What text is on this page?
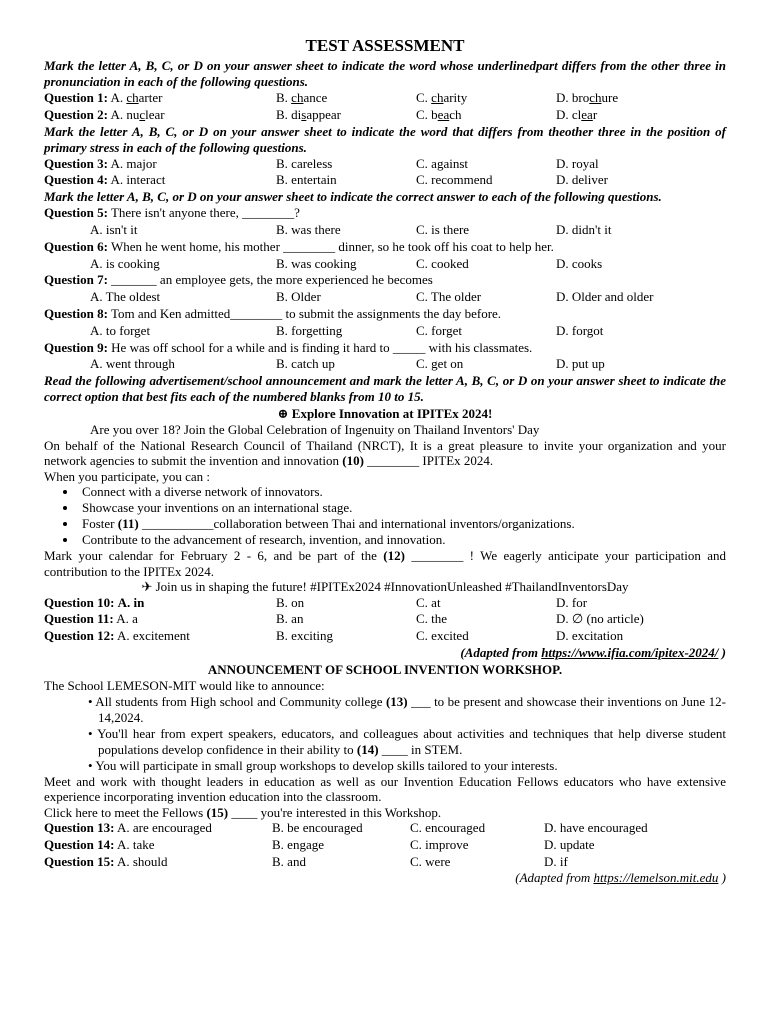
TEST ASSESSMENT
Mark the letter A, B, C, or D on your answer sheet to indicate the word whose underlinedpart differs from the other three in pronunciation in each of the following questions.
Question 1: A. charter	B. chance	C. charity	D. brochure
Question 2: A. nuclear	B. disappear	C. beach	D. clear
Mark the letter A, B, C, or D on your answer sheet to indicate the word that differs from theother three in the position of primary stress in each of the following questions.
Question 3: A. major	B. careless	C. against	D. royal
Question 4: A. interact	B. entertain	C. recommend	D. deliver
Mark the letter A, B, C, or D on your answer sheet to indicate the correct answer to each of the following questions.
Question 5: There isn't anyone there, ________?
A. isn't it	B. was there	C. is there	D. didn't it
Question 6: When he went home, his mother ________ dinner, so he took off his coat to help her.
A. is cooking	B. was cooking	C. cooked	D. cooks
Question 7: _______ an employee gets, the more experienced he becomes
A. The oldest	B. Older	C. The older	D. Older and older
Question 8: Tom and Ken admitted________ to submit the assignments the day before.
A. to forget	B. forgetting	C. forget	D. forgot
Question 9: He was off school for a while and is finding it hard to _____ with his classmates.
A. went through	B. catch up	C. get on	D. put up
Read the following advertisement/school announcement and mark the letter A, B, C, or D on your answer sheet to indicate the correct option that best fits each of the numbered blanks from 10 to 15.
⊕ Explore Innovation at IPITEx 2024!
Are you over 18? Join the Global Celebration of Ingenuity on Thailand Inventors' Day
On behalf of the National Research Council of Thailand (NRCT), It is a great pleasure to invite your organization and your network agencies to submit the invention and innovation (10) ________ IPITEx 2024.
When you participate, you can :
• Connect with a diverse network of innovators.
• Showcase your inventions on an international stage.
• Foster (11) ___________collaboration between Thai and international inventors/organizations.
• Contribute to the advancement of research, invention, and innovation.
Mark your calendar for February 2 - 6, and be part of the (12) ________ ! We eagerly anticipate your participation and contribution to the IPITEx 2024.
✈ Join us in shaping the future! #IPITEx2024 #InnovationUnleashed #ThailandInventorsDay
Question 10: A. in	B. on	C. at	D. for
Question 11: A. a	B. an	C. the	D. ∅ (no article)
Question 12: A. excitement	B. exciting	C. excited	D. excitation
(Adapted from https://www.ifia.com/ipitex-2024/ )
ANNOUNCEMENT OF SCHOOL INVENTION WORKSHOP.
The School LEMESON-MIT would like to announce:
• All students from High school and Community college (13) ___ to be present and showcase their inventions on June 12-14,2024.
• You'll hear from expert speakers, educators, and colleagues about activities and techniques that help diverse student populations develop confidence in their ability to (14) ____ in STEM.
• You will participate in small group workshops to develop skills tailored to your interests.
Meet and work with thought leaders in education as well as our Invention Education Fellows educators who have extensive experience incorporating invention education into the classroom.
Click here to meet the Fellows (15) ____ you're interested in this Workshop.
Question 13: A. are encouraged	B. be encouraged	C. encouraged	D. have encouraged
Question 14: A. take	B. engage	C. improve	D. update
Question 15: A. should	B. and	C. were	D. if
(Adapted from https://lemelson.mit.edu )
